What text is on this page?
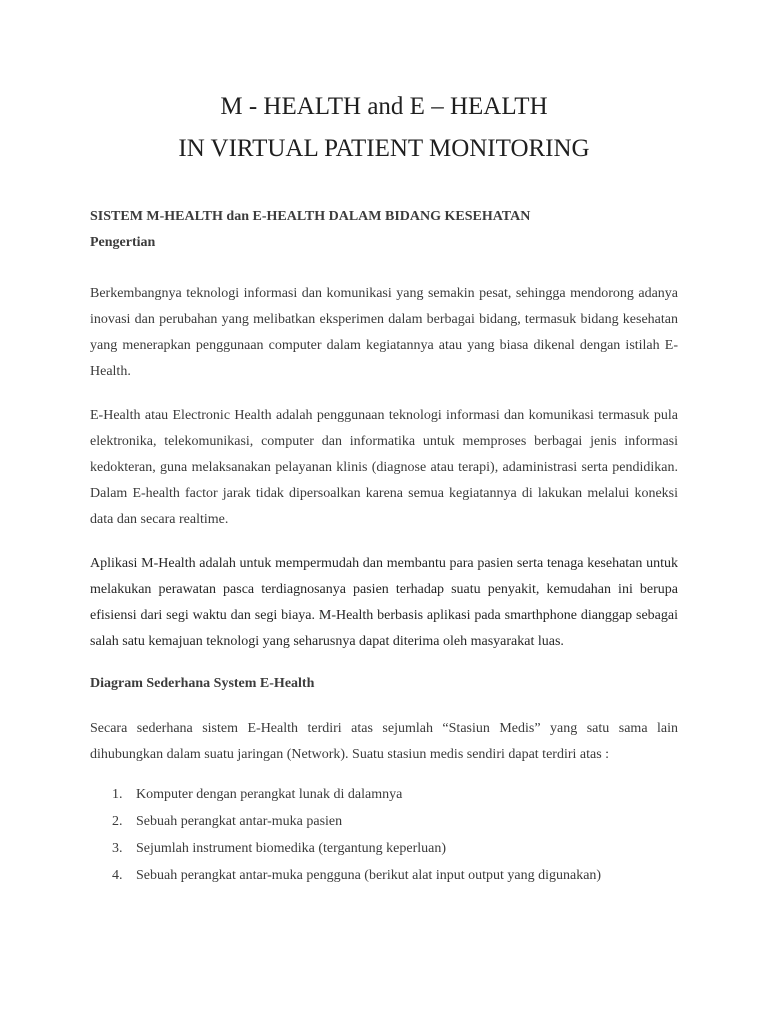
M - HEALTH and E – HEALTH
IN VIRTUAL PATIENT MONITORING
SISTEM M-HEALTH dan E-HEALTH DALAM BIDANG KESEHATAN
Pengertian

Berkembangnya teknologi informasi dan komunikasi yang semakin pesat, sehingga mendorong adanya inovasi dan perubahan yang melibatkan eksperimen dalam berbagai bidang, termasuk bidang kesehatan yang menerapkan penggunaan computer dalam kegiatannya atau yang biasa dikenal dengan istilah E-Health.

E-Health atau Electronic Health adalah penggunaan teknologi informasi dan komunikasi termasuk pula elektronika, telekomunikasi, computer dan informatika untuk memproses berbagai jenis informasi kedokteran, guna melaksanakan pelayanan klinis (diagnose atau terapi), adaministrasi serta pendidikan. Dalam E-health factor jarak tidak dipersoalkan karena semua kegiatannya di lakukan melalui koneksi data dan secara realtime.

Aplikasi M-Health adalah untuk mempermudah dan membantu para pasien serta tenaga kesehatan untuk melakukan perawatan pasca terdiagnosanya pasien terhadap suatu penyakit, kemudahan ini berupa efisiensi dari segi waktu dan segi biaya. M-Health berbasis aplikasi pada smarthphone dianggap sebagai salah satu kemajuan teknologi yang seharusnya dapat diterima oleh masyarakat luas.

Diagram Sederhana System E-Health

Secara sederhana sistem E-Health terdiri atas sejumlah “Stasiun Medis” yang satu sama lain dihubungkan dalam suatu jaringan (Network). Suatu stasiun medis sendiri dapat terdiri atas :

1. Komputer dengan perangkat lunak di dalamnya
2. Sebuah perangkat antar-muka pasien
3. Sejumlah instrument biomedika (tergantung keperluan)
4. Sebuah perangkat antar-muka pengguna (berikut alat input output yang digunakan)
